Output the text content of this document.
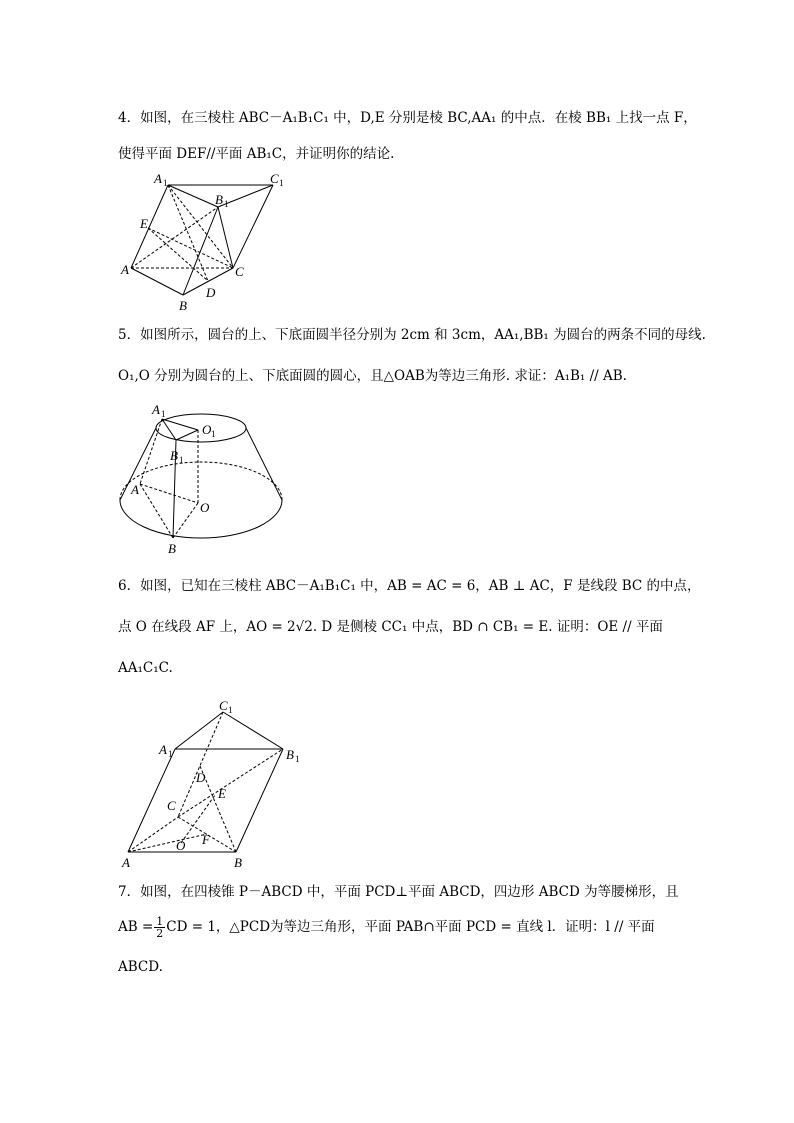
4．如图，在三棱柱 ABC－A₁B₁C₁ 中，D,E 分别是棱 BC,AA₁ 的中点．在棱 BB₁ 上找一点 F，
使得平面 DEF//平面 AB₁C，并证明你的结论.
A 1	C 1
B 1
E
A	C
B
D
5．如图所示，圆台的上、下底面圆半径分别为 2cm 和 3cm，AA₁,BB₁ 为圆台的两条不同的母线.
O₁,O 分别为圆台的上、下底面圆的圆心，且△OAB为等边三角形. 求证：A₁B₁ // AB.
A 1
O 1
B 1
A
O
B
6．如图，已知在三棱柱 ABC－A₁B₁C₁ 中，AB = AC = 6，AB ⊥ AC，F 是线段 BC 的中点，
点 O 在线段 AF 上，AO = 2√2. D 是侧棱 CC₁ 中点，BD ∩ CB₁ = E. 证明：OE // 平面
AA₁C₁C.
C 1
A 1	B 1
D
E
C
F
O
A	B
7．如图，在四棱锥 P－ABCD 中，平面 PCD⊥平面 ABCD，四边形 ABCD 为等腰梯形，且
AB = $\frac{1}{2}$ CD = 1，△PCD为等边三角形，平面 PAB∩平面 PCD = 直线 l．证明：l // 平面
ABCD.
